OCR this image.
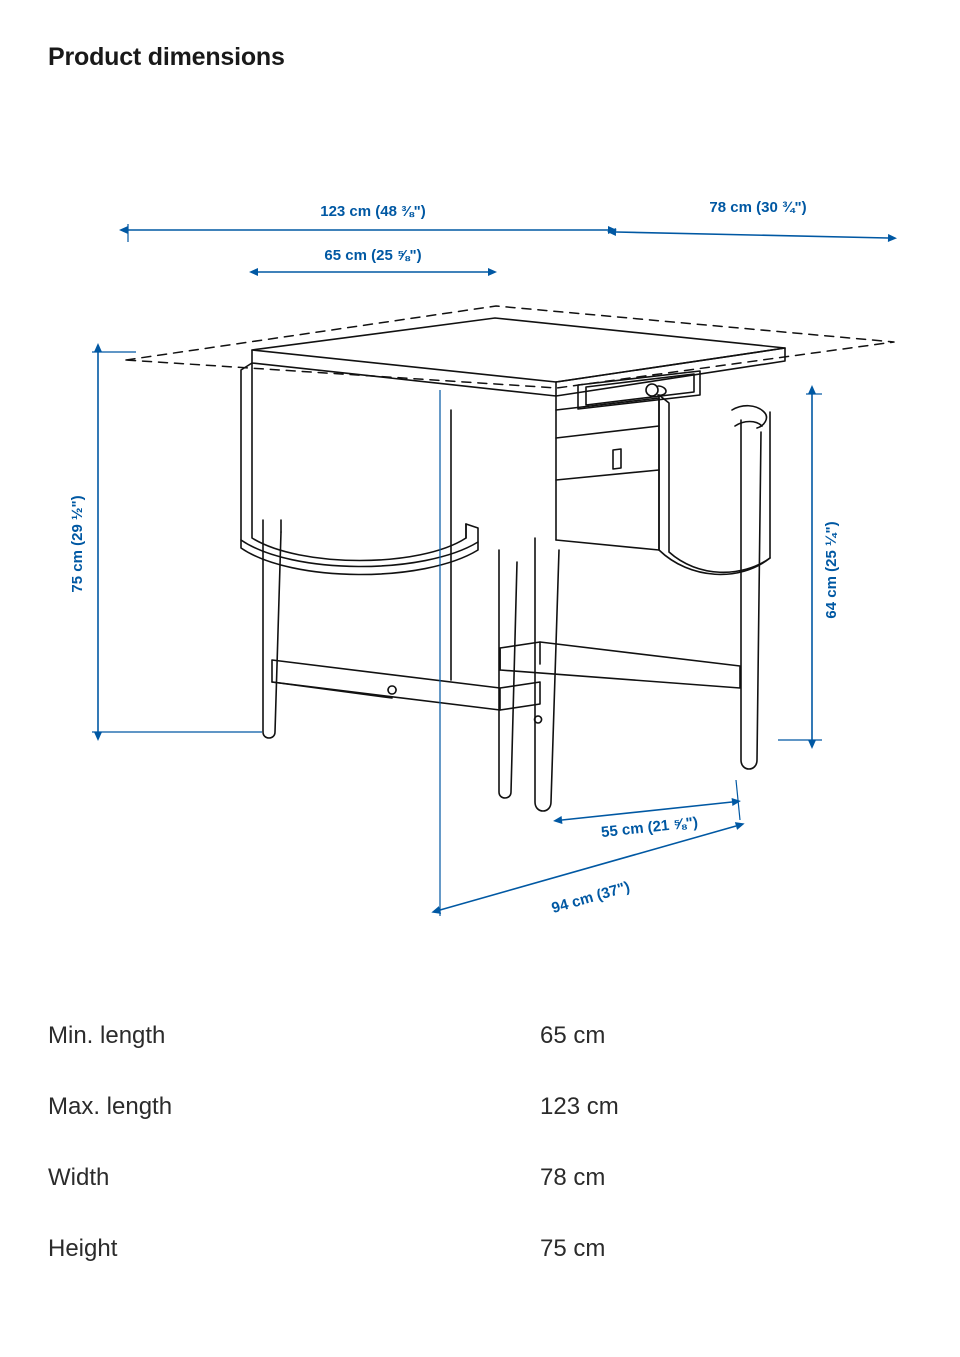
Product dimensions
123 cm (48 ⅜")	78 cm (30 ¾")
65 cm (25 ⅝")
75 cm (29 ½")	64 cm (25 ¼")
55 cm (21 ⅝")
94 cm (37")
Min. length	65 cm
Max. length	123 cm
Width	78 cm
Height	75 cm
